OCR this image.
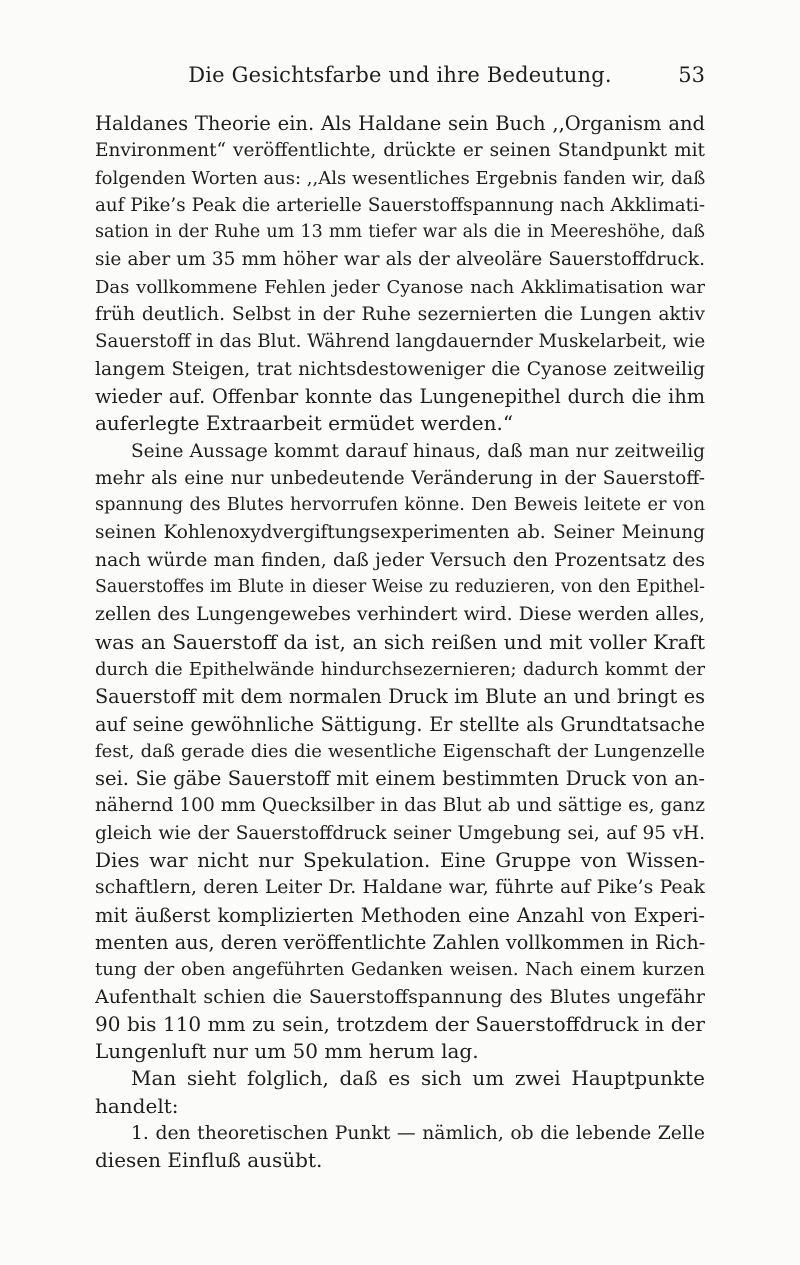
Die Gesichtsfarbe und ihre Bedeutung.	53
Haldanes Theorie ein. Als Haldane sein Buch ,,Organism and
Environment“ veröffentlichte, drückte er seinen Standpunkt mit
folgenden Worten aus: ,,Als wesentliches Ergebnis fanden wir, daß
auf Pike’s Peak die arterielle Sauerstoffspannung nach Akklimati-
sation in der Ruhe um 13 mm tiefer war als die in Meereshöhe, daß
sie aber um 35 mm höher war als der alveoläre Sauerstoffdruck.
Das vollkommene Fehlen jeder Cyanose nach Akklimatisation war
früh deutlich. Selbst in der Ruhe sezernierten die Lungen aktiv
Sauerstoff in das Blut. Während langdauernder Muskelarbeit, wie
langem Steigen, trat nichtsdestoweniger die Cyanose zeitweilig
wieder auf. Offenbar konnte das Lungenepithel durch die ihm
auferlegte Extraarbeit ermüdet werden.“
Seine Aussage kommt darauf hinaus, daß man nur zeitweilig
mehr als eine nur unbedeutende Veränderung in der Sauerstoff-
spannung des Blutes hervorrufen könne. Den Beweis leitete er von
seinen Kohlenoxydvergiftungsexperimenten ab. Seiner Meinung
nach würde man finden, daß jeder Versuch den Prozentsatz des
Sauerstoffes im Blute in dieser Weise zu reduzieren, von den Epithel-
zellen des Lungengewebes verhindert wird. Diese werden alles,
was an Sauerstoff da ist, an sich reißen und mit voller Kraft
durch die Epithelwände hindurchsezernieren; dadurch kommt der
Sauerstoff mit dem normalen Druck im Blute an und bringt es
auf seine gewöhnliche Sättigung. Er stellte als Grundtatsache
fest, daß gerade dies die wesentliche Eigenschaft der Lungenzelle
sei. Sie gäbe Sauerstoff mit einem bestimmten Druck von an-
nähernd 100 mm Quecksilber in das Blut ab und sättige es, ganz
gleich wie der Sauerstoffdruck seiner Umgebung sei, auf 95 vH.
Dies war nicht nur Spekulation. Eine Gruppe von Wissen-
schaftlern, deren Leiter Dr. Haldane war, führte auf Pike’s Peak
mit äußerst komplizierten Methoden eine Anzahl von Experi-
menten aus, deren veröffentlichte Zahlen vollkommen in Rich-
tung der oben angeführten Gedanken weisen. Nach einem kurzen
Aufenthalt schien die Sauerstoffspannung des Blutes ungefähr
90 bis 110 mm zu sein, trotzdem der Sauerstoffdruck in der
Lungenluft nur um 50 mm herum lag.
Man sieht folglich, daß es sich um zwei Hauptpunkte
handelt:
1. den theoretischen Punkt — nämlich, ob die lebende Zelle
diesen Einfluß ausübt.
